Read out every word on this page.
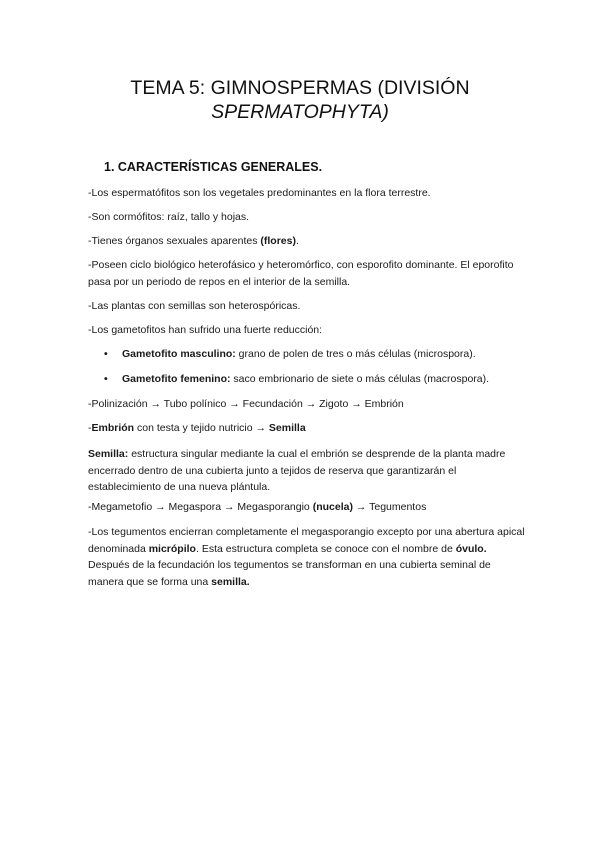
TEMA 5: GIMNOSPERMAS (DIVISIÓN
SPERMATOPHYTA)
1. CARACTERÍSTICAS GENERALES.
-Los espermatófitos son los vegetales predominantes en la flora terrestre.
-Son cormófitos: raíz, tallo y hojas.
-Tienes órganos sexuales aparentes (flores).
-Poseen ciclo biológico heterofásico y heteromórfico, con esporofito dominante. El eporofito pasa por un periodo de repos en el interior de la semilla.
-Las plantas con semillas son heterospóricas.
-Los gametofitos han sufrido una fuerte reducción:
• Gametofito masculino: grano de polen de tres o más células (microspora).
• Gametofito femenino: saco embrionario de siete o más células (macrospora).
-Polinización → Tubo polínico → Fecundación → Zigoto → Embrión
-Embrión con testa y tejido nutricio → Semilla
Semilla: estructura singular mediante la cual el embrión se desprende de la planta madre encerrado dentro de una cubierta junto a tejidos de reserva que garantizarán el establecimiento de una nueva plántula.
-Megametofio → Megaspora → Megasporangio (nucela) → Tegumentos
-Los tegumentos encierran completamente el megasporangio excepto por una abertura apical denominada micrópilo. Esta estructura completa se conoce con el nombre de óvulo. Después de la fecundación los tegumentos se transforman en una cubierta seminal de manera que se forma una semilla.
